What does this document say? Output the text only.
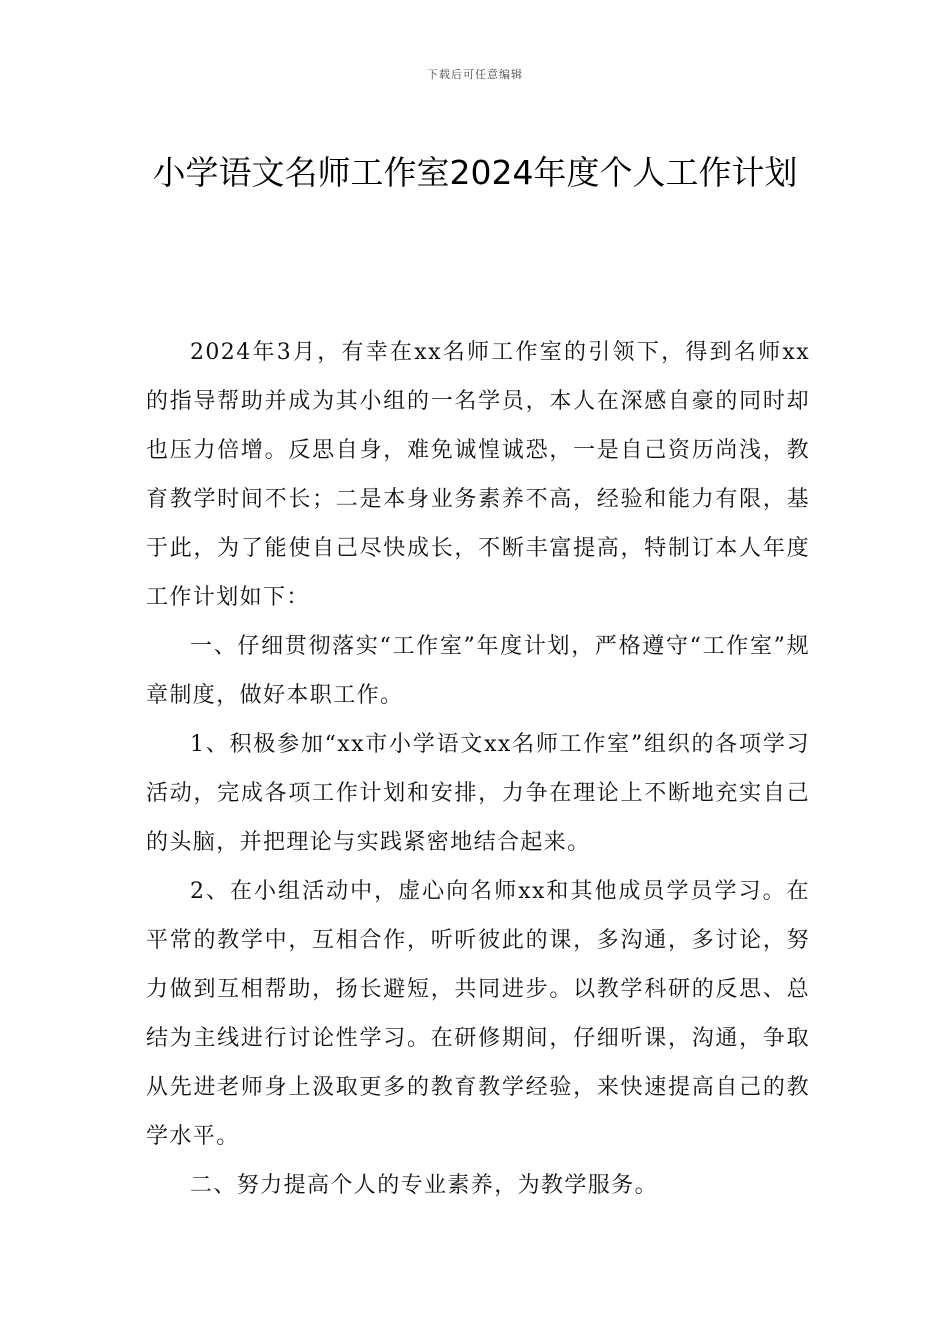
下载后可任意编辑
小学语文名师工作室2024年度个人工作计划

2024年3月，有幸在xx名师工作室的引领下，得到名师xx的指导帮助并成为其小组的一名学员，本人在深感自豪的同时却也压力倍增。反思自身，难免诚惶诚恐，一是自己资历尚浅，教育教学时间不长；二是本身业务素养不高，经验和能力有限，基于此，为了能使自己尽快成长，不断丰富提高，特制订本人年度工作计划如下：

一、仔细贯彻落实“工作室”年度计划，严格遵守“工作室”规章制度，做好本职工作。

1、积极参加“xx市小学语文xx名师工作室”组织的各项学习活动，完成各项工作计划和安排，力争在理论上不断地充实自己的头脑，并把理论与实践紧密地结合起来。

2、在小组活动中，虚心向名师xx和其他成员学员学习。在平常的教学中，互相合作，听听彼此的课，多沟通，多讨论，努力做到互相帮助，扬长避短，共同进步。以教学科研的反思、总结为主线进行讨论性学习。在研修期间，仔细听课，沟通，争取从先进老师身上汲取更多的教育教学经验，来快速提高自己的教学水平。

二、努力提高个人的专业素养，为教学服务。
